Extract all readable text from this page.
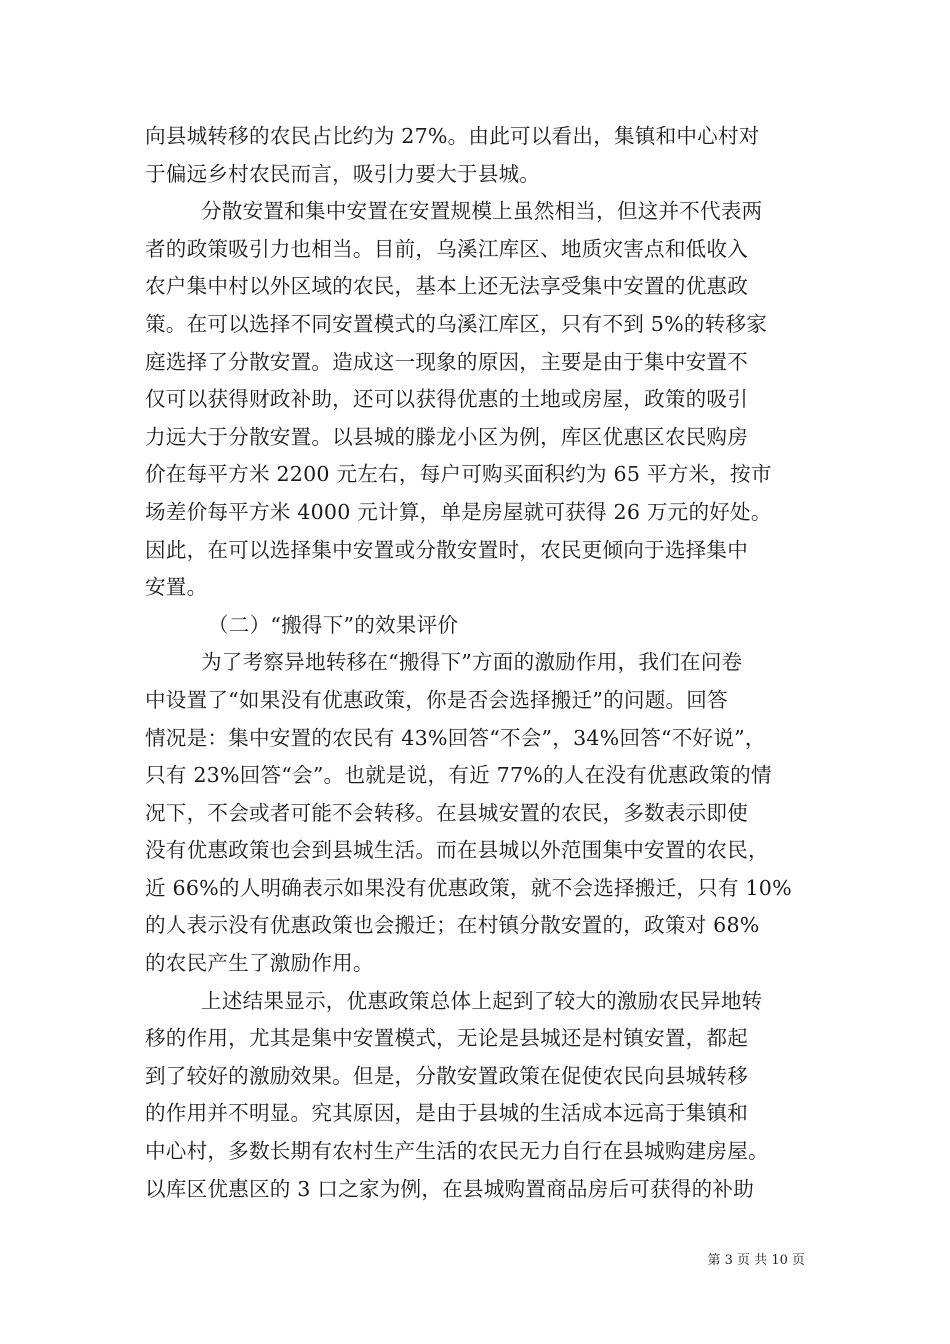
向县城转移的农民占比约为 27%。由此可以看出，集镇和中心村对
于偏远乡村农民而言，吸引力要大于县城。
分散安置和集中安置在安置规模上虽然相当，但这并不代表两
者的政策吸引力也相当。目前，乌溪江库区、地质灾害点和低收入
农户集中村以外区域的农民，基本上还无法享受集中安置的优惠政
策。在可以选择不同安置模式的乌溪江库区，只有不到 5%的转移家
庭选择了分散安置。造成这一现象的原因，主要是由于集中安置不
仅可以获得财政补助，还可以获得优惠的土地或房屋，政策的吸引
力远大于分散安置。以县城的滕龙小区为例，库区优惠区农民购房
价在每平方米 2200 元左右，每户可购买面积约为 65 平方米，按市
场差价每平方米 4000 元计算，单是房屋就可获得 26 万元的好处。
因此，在可以选择集中安置或分散安置时，农民更倾向于选择集中
安置。
（二）“搬得下”的效果评价
为了考察异地转移在“搬得下”方面的激励作用，我们在问卷
中设置了“如果没有优惠政策，你是否会选择搬迁”的问题。回答
情况是：集中安置的农民有 43%回答“不会”，34%回答“不好说”，
只有 23%回答“会”。也就是说，有近 77%的人在没有优惠政策的情
况下，不会或者可能不会转移。在县城安置的农民，多数表示即使
没有优惠政策也会到县城生活。而在县城以外范围集中安置的农民，
近 66%的人明确表示如果没有优惠政策，就不会选择搬迁，只有 10%
的人表示没有优惠政策也会搬迁；在村镇分散安置的，政策对 68%
的农民产生了激励作用。
上述结果显示，优惠政策总体上起到了较大的激励农民异地转
移的作用，尤其是集中安置模式，无论是县城还是村镇安置，都起
到了较好的激励效果。但是，分散安置政策在促使农民向县城转移
的作用并不明显。究其原因，是由于县城的生活成本远高于集镇和
中心村，多数长期有农村生产生活的农民无力自行在县城购建房屋。
以库区优惠区的 3 口之家为例，在县城购置商品房后可获得的补助
第 3 页 共 10 页
